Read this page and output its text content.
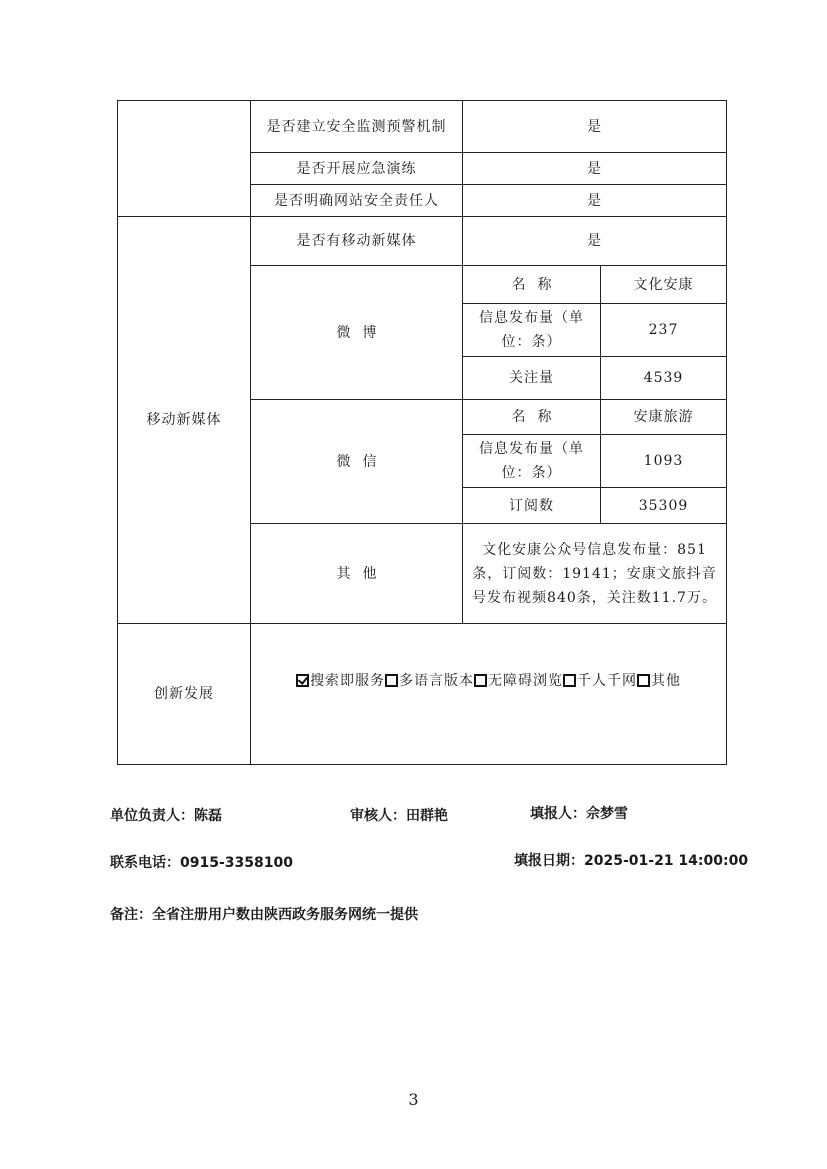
	是否建立安全监测预警机制	是	
	是否开展应急演练	是	
	是否明确网站安全责任人	是	
移动新媒体	是否有移动新媒体	是	
	微博	名称	文化安康
		信息发布量（单位：条）	237
		关注量	4539
	微信	名称	安康旅游
		信息发布量（单位：条）	1093
		订阅数	35309
	其他	文化安康公众号信息发布量：851条，订阅数：19141；安康文旅抖音号发布视频840条，关注数11.7万。	
创新发展	搜索即服务 多语言版本 无障碍浏览 千人千网 其他		
单位负责人：陈磊	审核人：田群艳	填报人：佘梦雪
联系电话：0915-3358100	填报日期：2025-01-21 14:00:00
备注：全省注册用户数由陕西政务服务网统一提供
3
